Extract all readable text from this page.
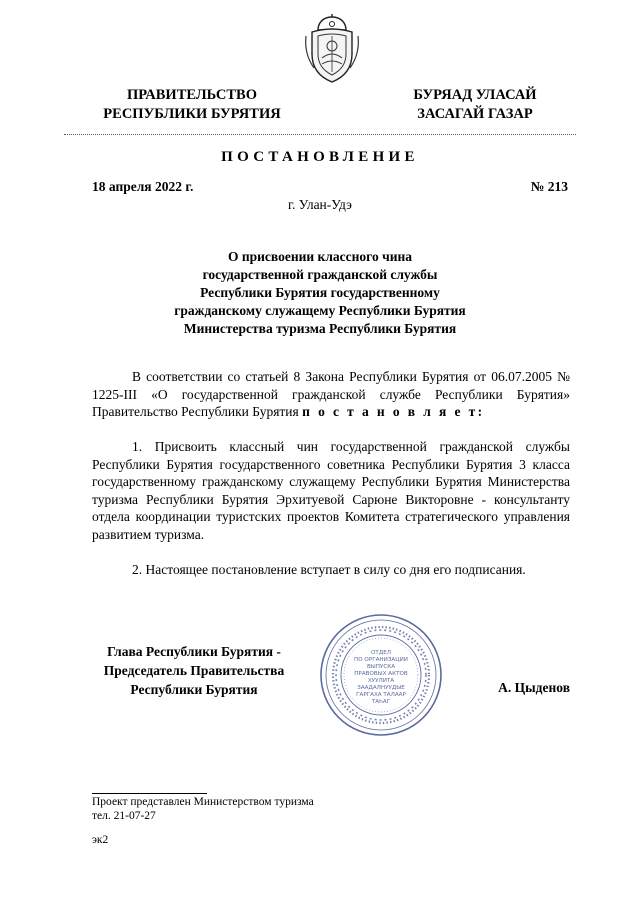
ПРАВИТЕЛЬСТВО
РЕСПУБЛИКИ БУРЯТИЯ
БУРЯАД УЛАСАЙ
ЗАСАГАЙ ГАЗАР
ПОСТАНОВЛЕНИЕ
18 апреля 2022 г.	№ 213
г. Улан-Удэ
О присвоении классного чина
государственной гражданской службы
Республики Бурятия государственному
гражданскому служащему Республики Бурятия
Министерства туризма Республики Бурятия
В соответствии со статьей 8 Закона Республики Бурятия от 06.07.2005 № 1225-III «О государственной гражданской службе Республики Бурятия» Правительство Республики Бурятия п о с т а н о в л я е т:
1. Присвоить классный чин государственной гражданской службы Республики Бурятия государственного советника Республики Бурятия 3 класса государственному гражданскому служащему Республики Бурятия Министерства туризма Республики Бурятия Эрхитуевой Сарюне Викторовне - консультанту отдела координации туристских проектов Комитета стратегического управления развитием туризма.
2. Настоящее постановление вступает в силу со дня его подписания.
Глава Республики Бурятия -
Председатель Правительства
Республики Бурятия
ОТДЕЛ
ПО ОРГАНИЗАЦИИ
ВЫПУСКА
ПРАВОВЫХ АКТОВ
ХУУЛИТА
ЗААДАЛНУУДЫЕ
ГАРГАХА ТАЛААР
ТАҺАГ
А. Цыденов
Проект представлен Министерством туризма
тел. 21-07-27
эк2
